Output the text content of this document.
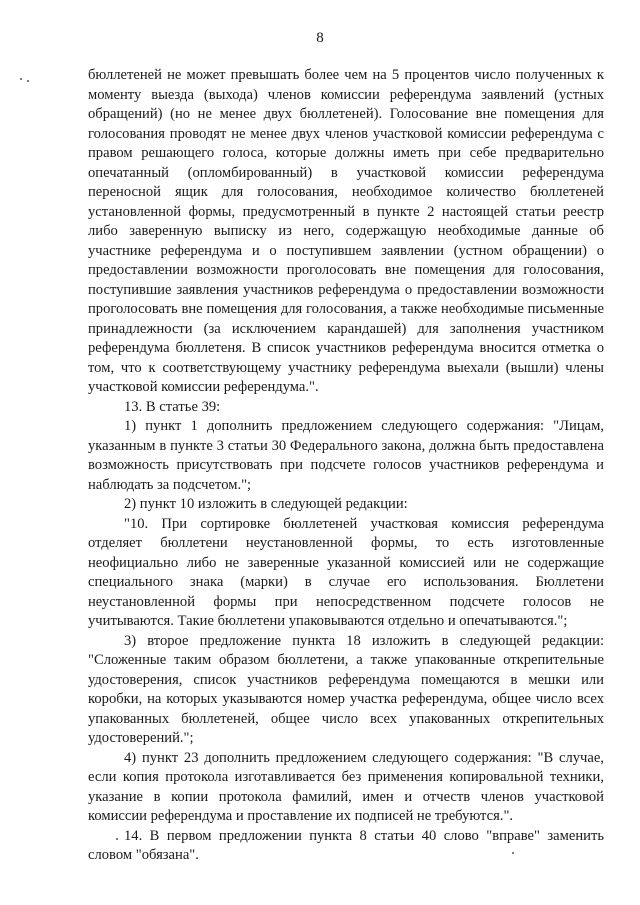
8

бюллетеней не может превышать более чем на 5 процентов число полученных к моменту выезда (выхода) членов комиссии референдума заявлений (устных обращений) (но не менее двух бюллетеней). Голосование вне помещения для голосования проводят не менее двух членов участковой комиссии референдума с правом решающего голоса, которые должны иметь при себе предварительно опечатанный (опломбированный) в участковой комиссии референдума переносной ящик для голосования, необходимое количество бюллетеней установленной формы, предусмотренный в пункте 2 настоящей статьи реестр либо заверенную выписку из него, содержащую необходимые данные об участнике референдума и о поступившем заявлении (устном обращении) о предоставлении возможности проголосовать вне помещения для голосования, поступившие заявления участников референдума о предоставлении возможности проголосовать вне помещения для голосования, а также необходимые письменные принадлежности (за исключением карандашей) для заполнения участником референдума бюллетеня. В список участников референдума вносится отметка о том, что к соответствующему участнику референдума выехали (вышли) члены участковой комиссии референдума.".

13. В статье 39:

1) пункт 1 дополнить предложением следующего содержания: "Лицам, указанным в пункте 3 статьи 30 Федерального закона, должна быть предоставлена возможность присутствовать при подсчете голосов участников референдума и наблюдать за подсчетом.";

2) пункт 10 изложить в следующей редакции:

"10. При сортировке бюллетеней участковая комиссия референдума отделяет бюллетени неустановленной формы, то есть изготовленные неофициально либо не заверенные указанной комиссией или не содержащие специального знака (марки) в случае его использования. Бюллетени неустановленной формы при непосредственном подсчете голосов не учитываются. Такие бюллетени упаковываются отдельно и опечатываются.";

3) второе предложение пункта 18 изложить в следующей редакции: "Сложенные таким образом бюллетени, а также упакованные открепительные удостоверения, список участников референдума помещаются в мешки или коробки, на которых указываются номер участка референдума, общее число всех упакованных бюллетеней, общее число всех упакованных открепительных удостоверений.";

4) пункт 23 дополнить предложением следующего содержания: "В случае, если копия протокола изготавливается без применения копировальной техники, указание в копии протокола фамилий, имен и отчеств членов участковой комиссии референдума и проставление их подписей не требуются.".

14. В первом предложении пункта 8 статьи 40 слово "вправе" заменить словом "обязана".
